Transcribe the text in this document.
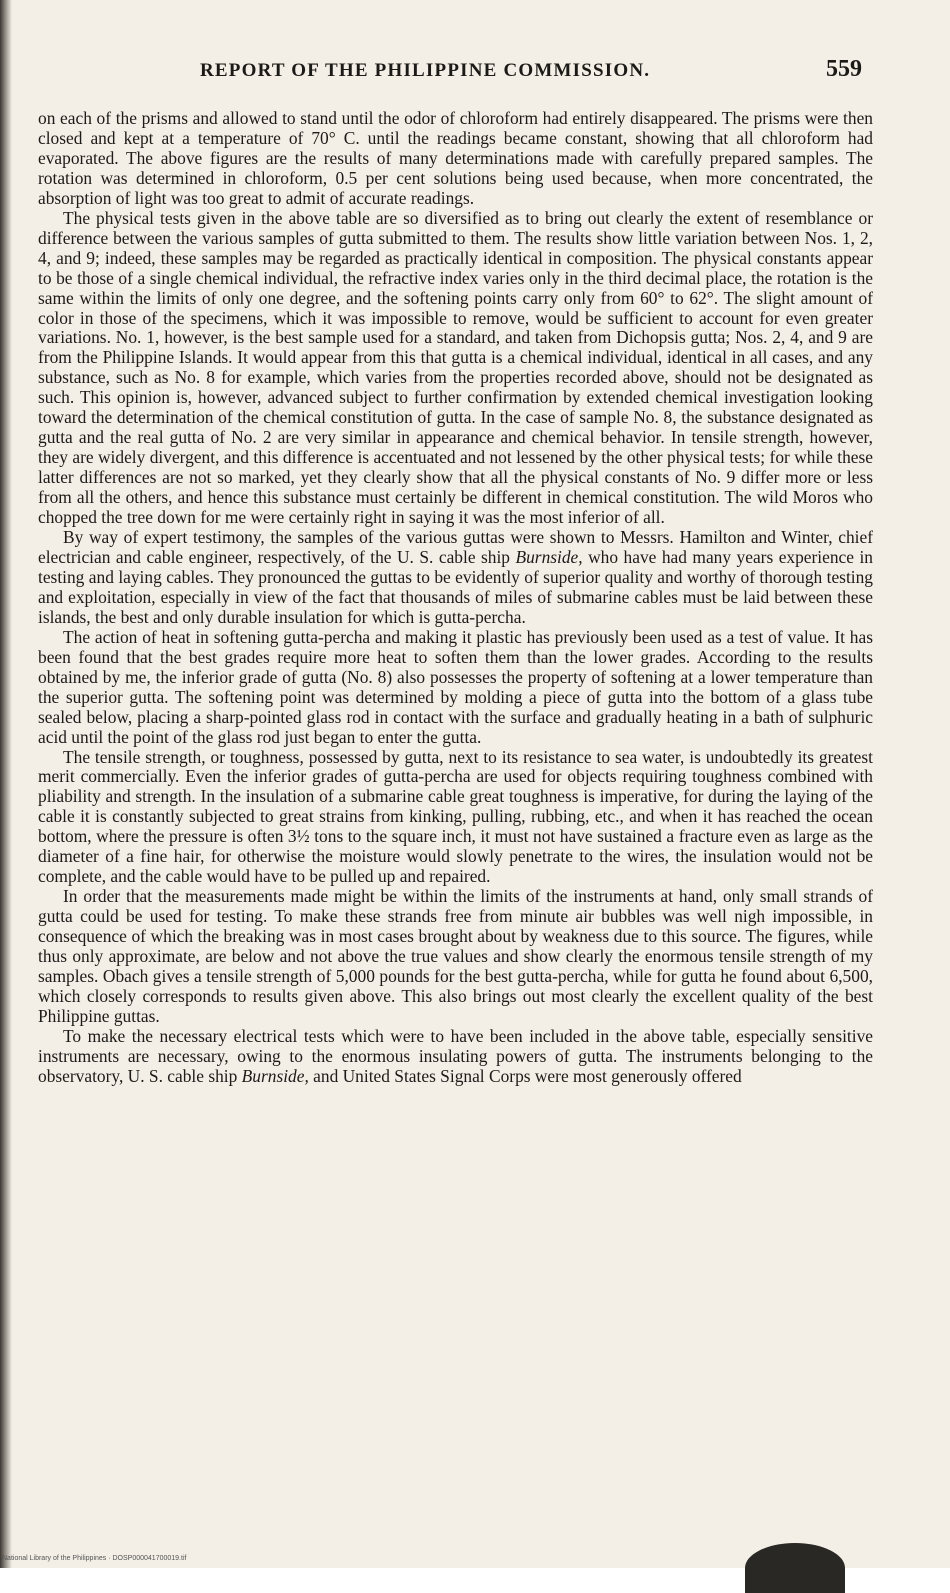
REPORT OF THE PHILIPPINE COMMISSION.	559

on each of the prisms and allowed to stand until the odor of chloroform had entirely disappeared. The prisms were then closed and kept at a temperature of 70° C. until the readings became constant, showing that all chloroform had evaporated. The above figures are the results of many determinations made with carefully prepared samples. The rotation was determined in chloroform, 0.5 per cent solutions being used because, when more concentrated, the absorption of light was too great to admit of accurate readings.

The physical tests given in the above table are so diversified as to bring out clearly the extent of resemblance or difference between the various samples of gutta submitted to them. The results show little variation between Nos. 1, 2, 4, and 9; indeed, these samples may be regarded as practically identical in composition. The physical constants appear to be those of a single chemical individual, the refractive index varies only in the third decimal place, the rotation is the same within the limits of only one degree, and the softening points carry only from 60° to 62°. The slight amount of color in those of the specimens, which it was impossible to remove, would be sufficient to account for even greater variations. No. 1, however, is the best sample used for a standard, and taken from Dichopsis gutta; Nos. 2, 4, and 9 are from the Philippine Islands. It would appear from this that gutta is a chemical individual, identical in all cases, and any substance, such as No. 8 for example, which varies from the properties recorded above, should not be designated as such. This opinion is, however, advanced subject to further confirmation by extended chemical investigation looking toward the determination of the chemical constitution of gutta. In the case of sample No. 8, the substance designated as gutta and the real gutta of No. 2 are very similar in appearance and chemical behavior. In tensile strength, however, they are widely divergent, and this difference is accentuated and not lessened by the other physical tests; for while these latter differences are not so marked, yet they clearly show that all the physical constants of No. 9 differ more or less from all the others, and hence this substance must certainly be different in chemical constitution. The wild Moros who chopped the tree down for me were certainly right in saying it was the most inferior of all.

By way of expert testimony, the samples of the various guttas were shown to Messrs. Hamilton and Winter, chief electrician and cable engineer, respectively, of the U. S. cable ship Burnside, who have had many years experience in testing and laying cables. They pronounced the guttas to be evidently of superior quality and worthy of thorough testing and exploitation, especially in view of the fact that thousands of miles of submarine cables must be laid between these islands, the best and only durable insulation for which is gutta-percha.

The action of heat in softening gutta-percha and making it plastic has previously been used as a test of value. It has been found that the best grades require more heat to soften them than the lower grades. According to the results obtained by me, the inferior grade of gutta (No. 8) also possesses the property of softening at a lower temperature than the superior gutta. The softening point was determined by molding a piece of gutta into the bottom of a glass tube sealed below, placing a sharp-pointed glass rod in contact with the surface and gradually heating in a bath of sulphuric acid until the point of the glass rod just began to enter the gutta.

The tensile strength, or toughness, possessed by gutta, next to its resistance to sea water, is undoubtedly its greatest merit commercially. Even the inferior grades of gutta-percha are used for objects requiring toughness combined with pliability and strength. In the insulation of a submarine cable great toughness is imperative, for during the laying of the cable it is constantly subjected to great strains from kinking, pulling, rubbing, etc., and when it has reached the ocean bottom, where the pressure is often 3½ tons to the square inch, it must not have sustained a fracture even as large as the diameter of a fine hair, for otherwise the moisture would slowly penetrate to the wires, the insulation would not be complete, and the cable would have to be pulled up and repaired.

In order that the measurements made might be within the limits of the instruments at hand, only small strands of gutta could be used for testing. To make these strands free from minute air bubbles was well nigh impossible, in consequence of which the breaking was in most cases brought about by weakness due to this source. The figures, while thus only approximate, are below and not above the true values and show clearly the enormous tensile strength of my samples. Obach gives a tensile strength of 5,000 pounds for the best gutta-percha, while for gutta he found about 6,500, which closely corresponds to results given above. This also brings out most clearly the excellent quality of the best Philippine guttas.

To make the necessary electrical tests which were to have been included in the above table, especially sensitive instruments are necessary, owing to the enormous insulating powers of gutta. The instruments belonging to the observatory, U. S. cable ship Burnside, and United States Signal Corps were most generously offered

National Library of the Philippines · DOSP000041700019.tif
